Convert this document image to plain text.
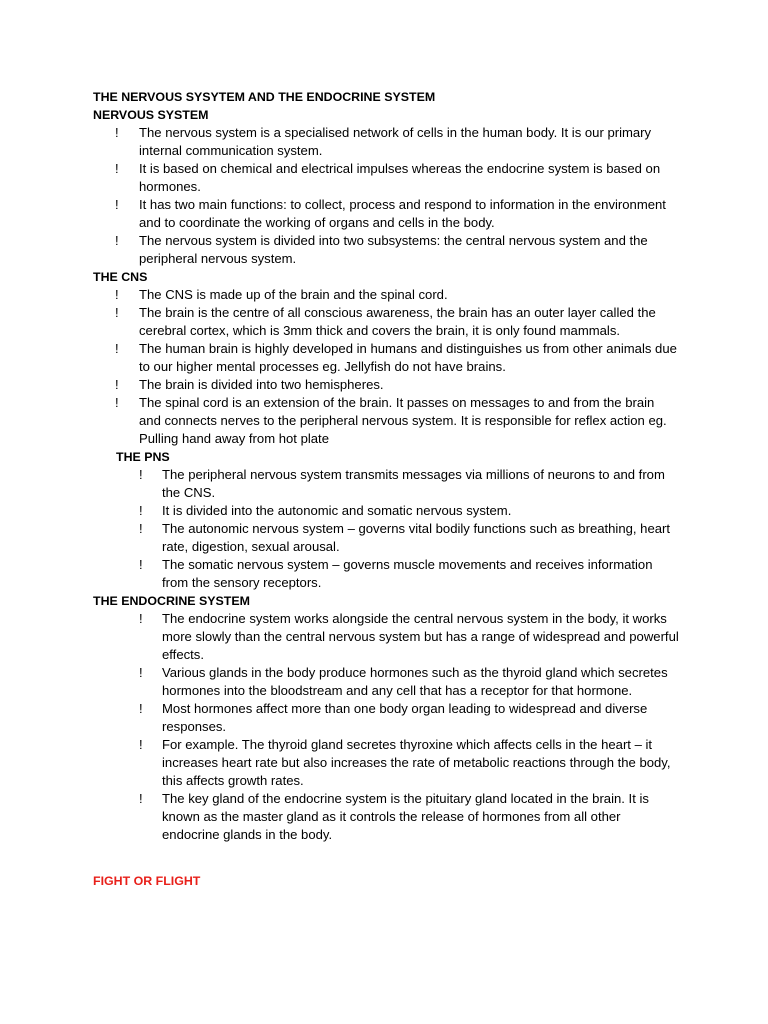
THE NERVOUS SYSYTEM AND THE ENDOCRINE SYSTEM
NERVOUS SYSTEM
! The nervous system is a specialised network of cells in the human body. It is our primary internal communication system.
! It is based on chemical and electrical impulses whereas the endocrine system is based on hormones.
! It has two main functions: to collect, process and respond to information in the environment and to coordinate the working of organs and cells in the body.
! The nervous system is divided into two subsystems: the central nervous system and the peripheral nervous system.
THE CNS
! The CNS is made up of the brain and the spinal cord.
! The brain is the centre of all conscious awareness, the brain has an outer layer called the cerebral cortex, which is 3mm thick and covers the brain, it is only found mammals.
! The human brain is highly developed in humans and distinguishes us from other animals due to our higher mental processes eg. Jellyfish do not have brains.
! The brain is divided into two hemispheres.
! The spinal cord is an extension of the brain. It passes on messages to and from the brain and connects nerves to the peripheral nervous system. It is responsible for reflex action eg. Pulling hand away from hot plate
THE PNS
! The peripheral nervous system transmits messages via millions of neurons to and from the CNS.
! It is divided into the autonomic and somatic nervous system.
! The autonomic nervous system – governs vital bodily functions such as breathing, heart rate, digestion, sexual arousal.
! The somatic nervous system – governs muscle movements and receives information from the sensory receptors.
THE ENDOCRINE SYSTEM
! The endocrine system works alongside the central nervous system in the body, it works more slowly than the central nervous system but has a range of widespread and powerful effects.
! Various glands in the body produce hormones such as the thyroid gland which secretes hormones into the bloodstream and any cell that has a receptor for that hormone.
! Most hormones affect more than one body organ leading to widespread and diverse responses.
! For example. The thyroid gland secretes thyroxine which affects cells in the heart – it increases heart rate but also increases the rate of metabolic reactions through the body, this affects growth rates.
! The key gland of the endocrine system is the pituitary gland located in the brain. It is known as the master gland as it controls the release of hormones from all other endocrine glands in the body.
FIGHT OR FLIGHT
